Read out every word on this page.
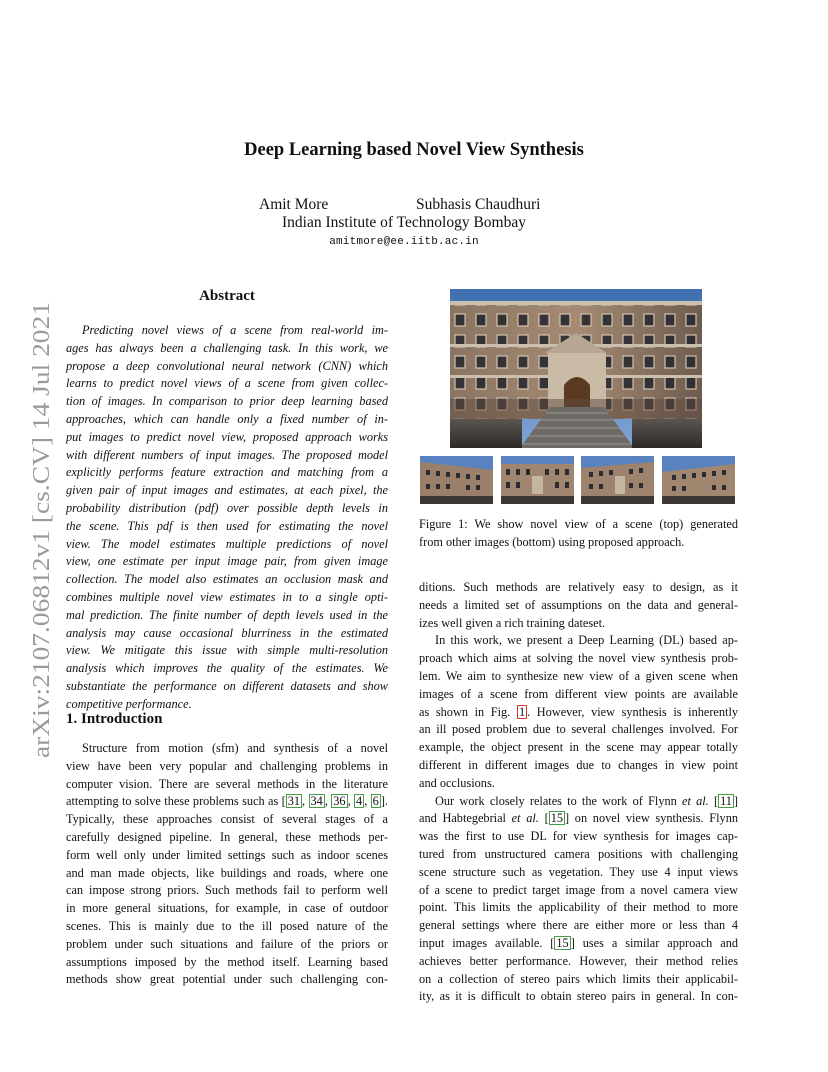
arXiv:2107.06812v1 [cs.CV] 14 Jul 2021
Deep Learning based Novel View Synthesis
Amit More	Subhasis Chaudhuri
Indian Institute of Technology Bombay
amitmore@ee.iitb.ac.in
Abstract
Predicting novel views of a scene from real-world im-
ages has always been a challenging task. In this work, we
propose a deep convolutional neural network (CNN) which
learns to predict novel views of a scene from given collec-
tion of images. In comparison to prior deep learning based
approaches, which can handle only a fixed number of in-
put images to predict novel view, proposed approach works
with different numbers of input images. The proposed model
explicitly performs feature extraction and matching from a
given pair of input images and estimates, at each pixel, the
probability distribution (pdf) over possible depth levels in
the scene. This pdf is then used for estimating the novel
view. The model estimates multiple predictions of novel
view, one estimate per input image pair, from given image
collection. The model also estimates an occlusion mask and
combines multiple novel view estimates in to a single opti-
mal prediction. The finite number of depth levels used in the
analysis may cause occasional blurriness in the estimated
view. We mitigate this issue with simple multi-resolution
analysis which improves the quality of the estimates. We
substantiate the performance on different datasets and show
competitive performance.
1. Introduction
Structure from motion (sfm) and synthesis of a novel
view have been very popular and challenging problems in
computer vision. There are several methods in the literature
attempting to solve these problems such as [ 31 , 34 , 36 , 4 , 6 ].
Typically, these approaches consist of several stages of a
carefully designed pipeline. In general, these methods per-
form well only under limited settings such as indoor scenes
and man made objects, like buildings and roads, where one
can impose strong priors. Such methods fail to perform well
in more general situations, for example, in case of outdoor
scenes. This is mainly due to the ill posed nature of the
problem under such situations and failure of the priors or
assumptions imposed by the method itself. Learning based
methods show great potential under such challenging con-
Figure 1: We show novel view of a scene (top) generated
from other images (bottom) using proposed approach.
ditions. Such methods are relatively easy to design, as it
needs a limited set of assumptions on the data and general-
izes well given a rich training dateset.
In this work, we present a Deep Learning (DL) based ap-
proach which aims at solving the novel view synthesis prob-
lem. We aim to synthesize new view of a given scene when
images of a scene from different view points are available
as shown in Fig. 1 . However, view synthesis is inherently
an ill posed problem due to several challenges involved. For
example, the object present in the scene may appear totally
different in different images due to changes in view point
and occlusions.
Our work closely relates to the work of Flynn et al. [ 11 ]
and Habtegebrial et al. [ 15 ] on novel view synthesis. Flynn
was the first to use DL for view synthesis for images cap-
tured from unstructured camera positions with challenging
scene structure such as vegetation. They use 4 input views
of a scene to predict target image from a novel camera view
point. This limits the applicability of their method to more
general settings where there are either more or less than 4
input images available. [ 15 ] uses a similar approach and
achieves better performance. However, their method relies
on a collection of stereo pairs which limits their applicabil-
ity, as it is difficult to obtain stereo pairs in general. In con-
